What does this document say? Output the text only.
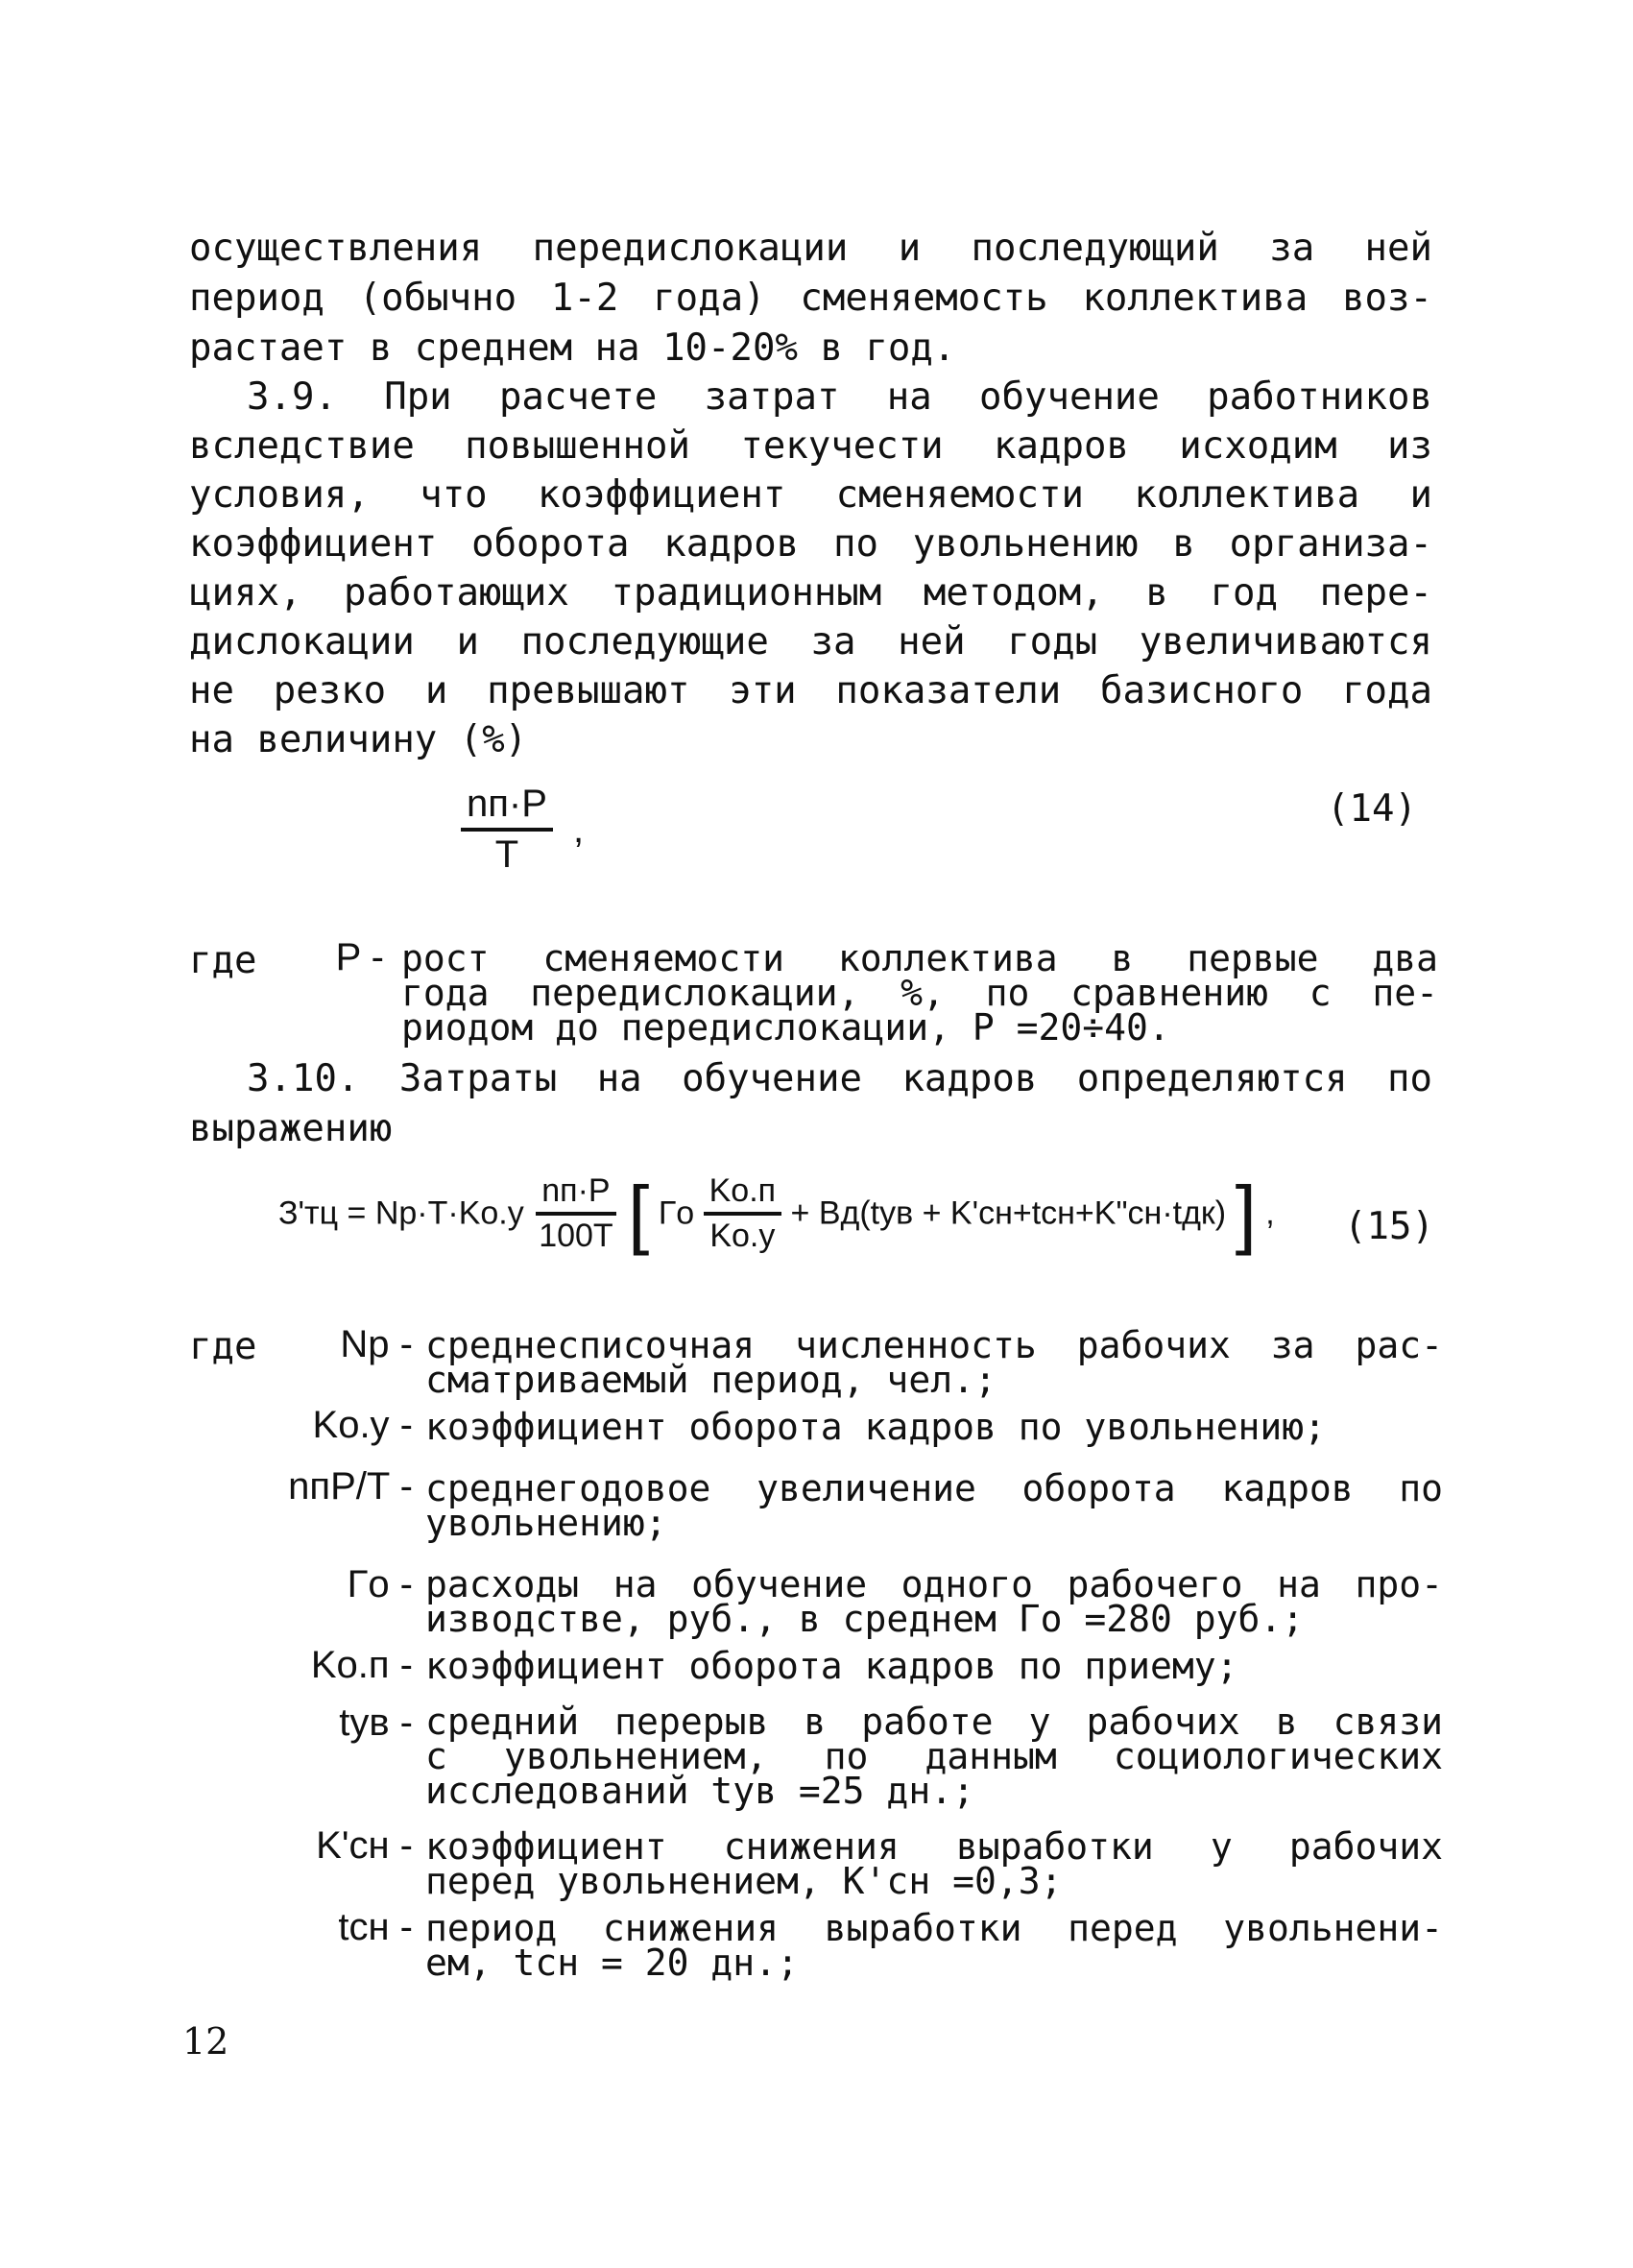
осуществления передислокации и последующий за ней
период (обычно 1-2 года) сменяемость коллектива воз-
растает в среднем на 10-20% в год.
3.9. При расчете затрат на обучение работников
вследствие повышенной текучести кадров исходим из
условия, что коэффициент сменяемости коллектива и
коэффициент оборота кадров по увольнению в организа-
циях, работающих традиционным методом, в год пере-
дислокации и последующие за ней годы увеличиваются
не резко и превышают эти показатели базисного года
на величину (%)
$\frac{nп\cdot P}{T}$ ,	(14)
где	P - рост сменяемости коллектива в первые два
года передислокации, %, по сравнению с пе-
риодом до передислокации, P =20÷40.
3.10. Затраты на обучение кадров определяются по
выражению
$З'тц = Nр\cdot T\cdot Kо.у \frac{nп\cdot P}{100T}$ [ Гo $\frac{Kо.п}{Kо.у} + Bд(tув$ + K'сн+tсн+K"сн·tдк) ] , (15)
где	Nр - среднесписочная численность рабочих за рас-
сматриваемый период, чел.;
Kо.у - коэффициент оборота кадров по увольнению;
nпP/T - среднегодовое увеличение оборота кадров по
увольнению;
Гo - расходы на обучение одного рабочего на про-
изводстве, руб., в среднем Гo =280 руб.;
Kо.п - коэффициент оборота кадров по приему;
tув - средний перерыв в работе у рабочих в связи
с увольнением, по данным социологических
исследований tув =25 дн.;
K'сн - коэффициент снижения выработки у рабочих
перед увольнением, K'сн =0,3;
tсн - период снижения выработки перед увольнени-
ем, tсн = 20 дн.;
12
